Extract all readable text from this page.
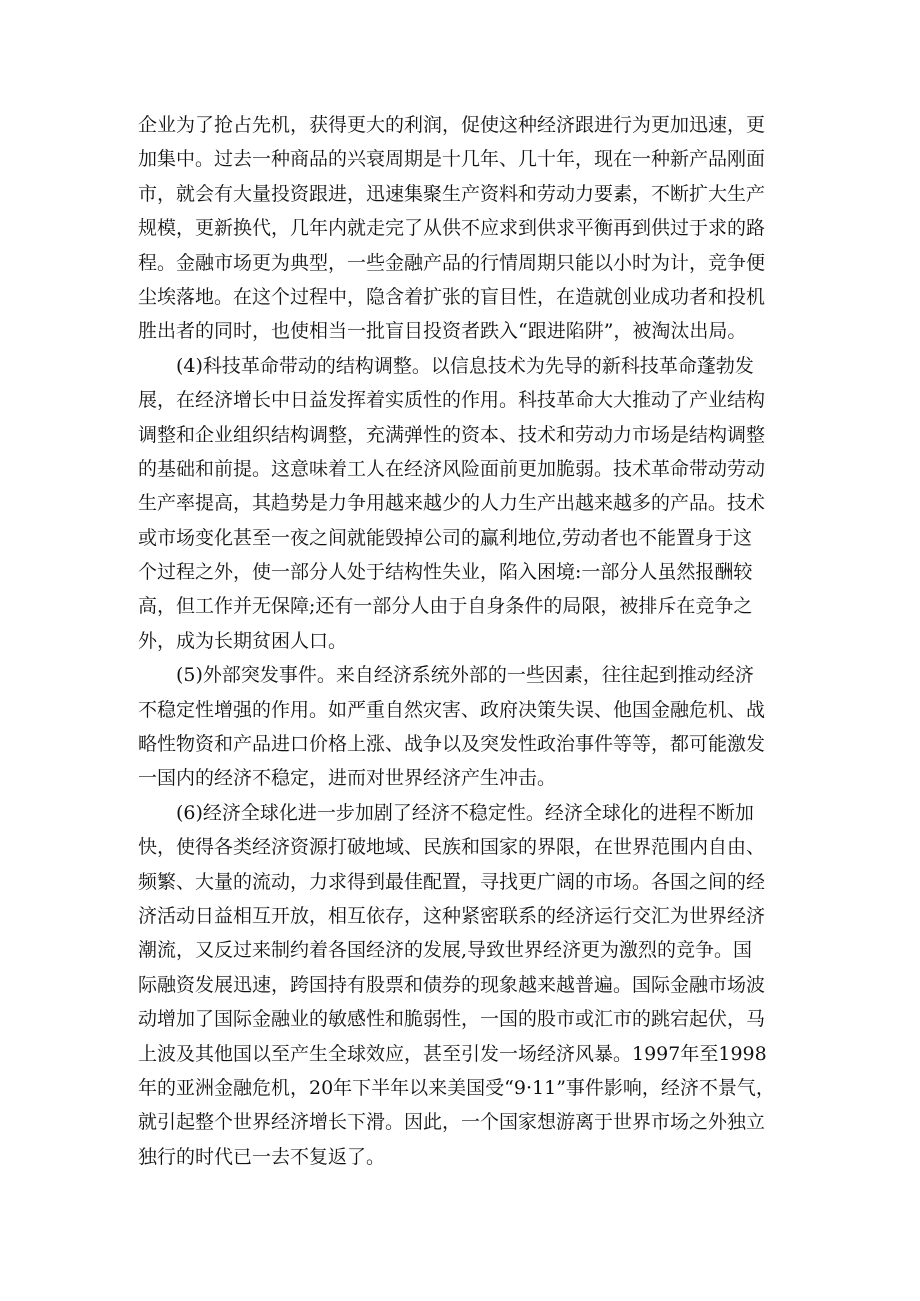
企业为了抢占先机，获得更大的利润，促使这种经济跟进行为更加迅速，更
加集中。过去一种商品的兴衰周期是十几年、几十年，现在一种新产品刚面
市，就会有大量投资跟进，迅速集聚生产资料和劳动力要素，不断扩大生产
规模，更新换代，几年内就走完了从供不应求到供求平衡再到供过于求的路
程。金融市场更为典型，一些金融产品的行情周期只能以小时为计，竞争便
尘埃落地。在这个过程中，隐含着扩张的盲目性，在造就创业成功者和投机
胜出者的同时，也使相当一批盲目投资者跌入“跟进陷阱”，被淘汰出局。
(4)科技革命带动的结构调整。以信息技术为先导的新科技革命蓬勃发
展，在经济增长中日益发挥着实质性的作用。科技革命大大推动了产业结构
调整和企业组织结构调整，充满弹性的资本、技术和劳动力市场是结构调整
的基础和前提。这意味着工人在经济风险面前更加脆弱。技术革命带动劳动
生产率提高，其趋势是力争用越来越少的人力生产出越来越多的产品。技术
或市场变化甚至一夜之间就能毁掉公司的赢利地位,劳动者也不能置身于这
个过程之外，使一部分人处于结构性失业，陷入困境:一部分人虽然报酬较
高，但工作并无保障;还有一部分人由于自身条件的局限，被排斥在竞争之
外，成为长期贫困人口。
(5)外部突发事件。来自经济系统外部的一些因素，往往起到推动经济
不稳定性增强的作用。如严重自然灾害、政府决策失误、他国金融危机、战
略性物资和产品进口价格上涨、战争以及突发性政治事件等等，都可能激发
一国内的经济不稳定，进而对世界经济产生冲击。
(6)经济全球化进一步加剧了经济不稳定性。经济全球化的进程不断加
快，使得各类经济资源打破地域、民族和国家的界限，在世界范围内自由、
频繁、大量的流动，力求得到最佳配置，寻找更广阔的市场。各国之间的经
济活动日益相互开放，相互依存，这种紧密联系的经济运行交汇为世界经济
潮流，又反过来制约着各国经济的发展,导致世界经济更为激烈的竞争。国
际融资发展迅速，跨国持有股票和债券的现象越来越普遍。国际金融市场波
动增加了国际金融业的敏感性和脆弱性，一国的股市或汇市的跳宕起伏，马
上波及其他国以至产生全球效应，甚至引发一场经济风暴。1997年至1998
年的亚洲金融危机，20年下半年以来美国受“9·11”事件影响，经济不景气，
就引起整个世界经济增长下滑。因此，一个国家想游离于世界市场之外独立
独行的时代已一去不复返了。
